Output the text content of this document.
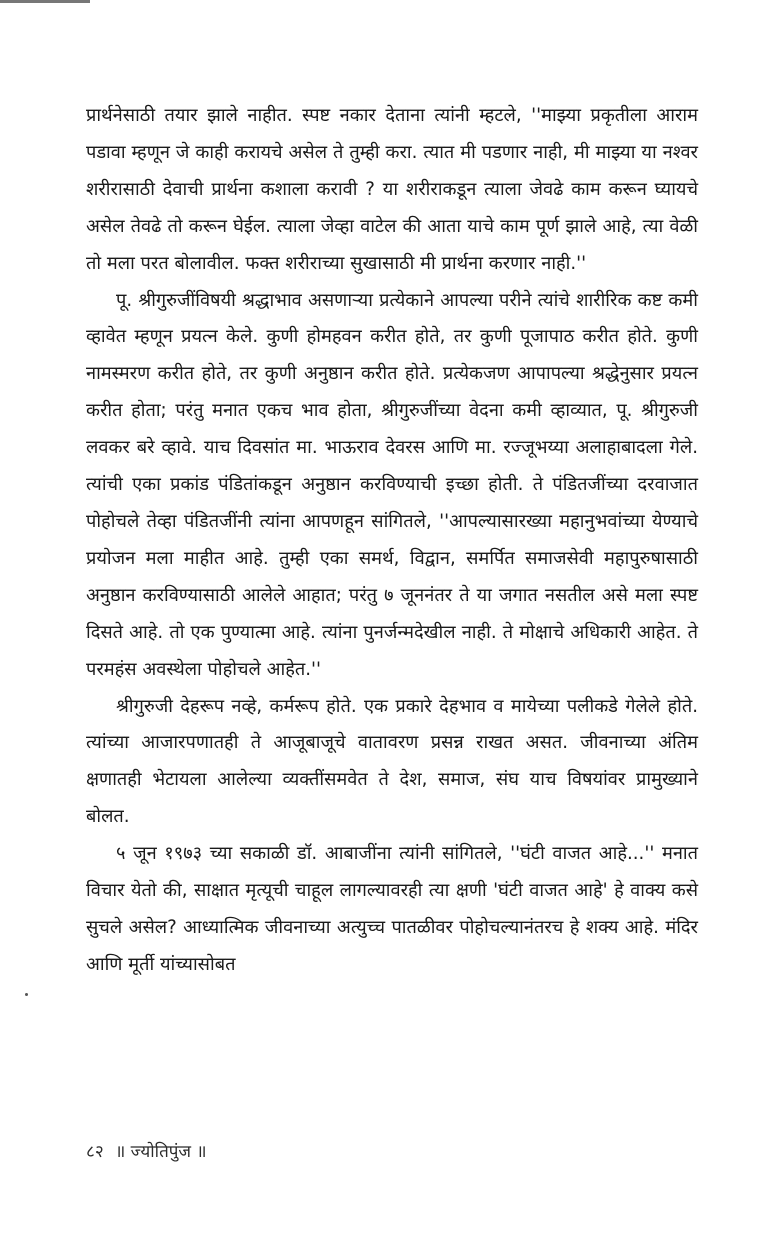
प्रार्थनेसाठी तयार झाले नाहीत. स्पष्ट नकार देताना त्यांनी म्हटले, ''माझ्या प्रकृतीला आराम पडावा म्हणून जे काही करायचे असेल ते तुम्ही करा. त्यात मी पडणार नाही, मी माझ्या या नश्वर शरीरासाठी देवाची प्रार्थना कशाला करावी ? या शरीराकडून त्याला जेवढे काम करून घ्यायचे असेल तेवढे तो करून घेईल. त्याला जेव्हा वाटेल की आता याचे काम पूर्ण झाले आहे, त्या वेळी तो मला परत बोलावील. फक्त शरीराच्या सुखासाठी मी प्रार्थना करणार नाही.''

पू. श्रीगुरुजींविषयी श्रद्धाभाव असणाऱ्या प्रत्येकाने आपल्या परीने त्यांचे शारीरिक कष्ट कमी व्हावेत म्हणून प्रयत्न केले. कुणी होमहवन करीत होते, तर कुणी पूजापाठ करीत होते. कुणी नामस्मरण करीत होते, तर कुणी अनुष्ठान करीत होते. प्रत्येकजण आपापल्या श्रद्धेनुसार प्रयत्न करीत होता; परंतु मनात एकच भाव होता, श्रीगुरुजींच्या वेदना कमी व्हाव्यात, पू. श्रीगुरुजी लवकर बरे व्हावे. याच दिवसांत मा. भाऊराव देवरस आणि मा. रज्जूभय्या अलाहाबादला गेले. त्यांची एका प्रकांड पंडितांकडून अनुष्ठान करविण्याची इच्छा होती. ते पंडितजींच्या दरवाजात पोहोचले तेव्हा पंडितजींनी त्यांना आपणहून सांगितले, ''आपल्यासारख्या महानुभवांच्या येण्याचे प्रयोजन मला माहीत आहे. तुम्ही एका समर्थ, विद्वान, समर्पित समाजसेवी महापुरुषासाठी अनुष्ठान करविण्यासाठी आलेले आहात; परंतु ७ जूननंतर ते या जगात नसतील असे मला स्पष्ट दिसते आहे. तो एक पुण्यात्मा आहे. त्यांना पुनर्जन्मदेखील नाही. ते मोक्षाचे अधिकारी आहेत. ते परमहंस अवस्थेला पोहोचले आहेत.''

श्रीगुरुजी देहरूप नव्हे, कर्मरूप होते. एक प्रकारे देहभाव व मायेच्या पलीकडे गेलेले होते. त्यांच्या आजारपणातही ते आजूबाजूचे वातावरण प्रसन्न राखत असत. जीवनाच्या अंतिम क्षणातही भेटायला आलेल्या व्यक्तींसमवेत ते देश, समाज, संघ याच विषयांवर प्रामुख्याने बोलत.

५ जून १९७३ च्या सकाळी डॉ. आबाजींना त्यांनी सांगितले, ''घंटी वाजत आहे...'' मनात विचार येतो की, साक्षात मृत्यूची चाहूल लागल्यावरही त्या क्षणी 'घंटी वाजत आहे' हे वाक्य कसे सुचले असेल? आध्यात्मिक जीवनाच्या अत्युच्च पातळीवर पोहोचल्यानंतरच हे शक्य आहे. मंदिर आणि मूर्ती यांच्यासोबत

८२ ॥ ज्योतिपुंज ॥
